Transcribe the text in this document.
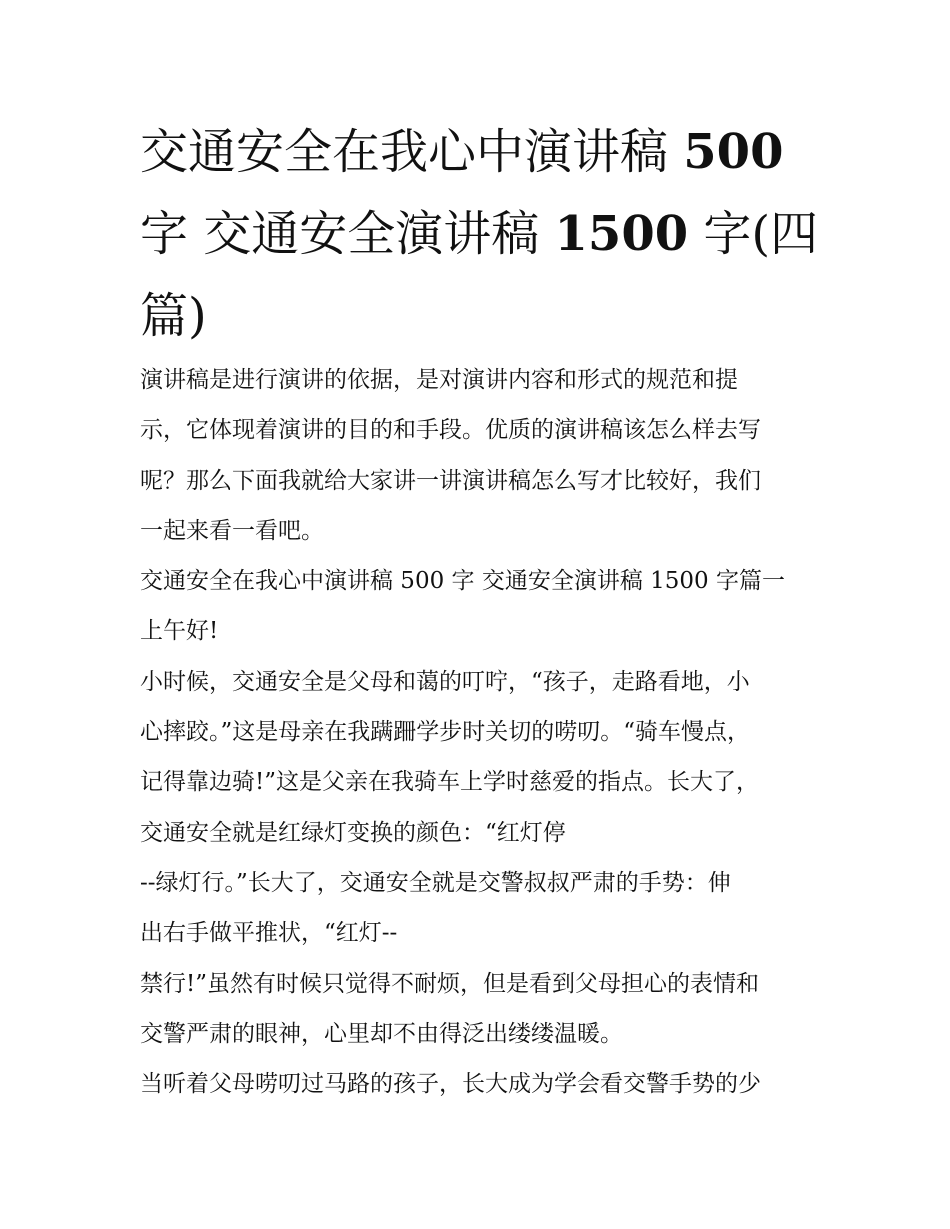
交通安全在我心中演讲稿 500
字 交通安全演讲稿 1500 字(四
篇)
演讲稿是进行演讲的依据，是对演讲内容和形式的规范和提
示，它体现着演讲的目的和手段。优质的演讲稿该怎么样去写
呢？那么下面我就给大家讲一讲演讲稿怎么写才比较好，我们
一起来看一看吧。
交通安全在我心中演讲稿 500 字 交通安全演讲稿 1500 字篇一
上午好!
小时候，交通安全是父母和蔼的叮咛，“孩子，走路看地，小
心摔跤。”这是母亲在我蹒跚学步时关切的唠叨。“骑车慢点，
记得靠边骑!”这是父亲在我骑车上学时慈爱的指点。长大了，
交通安全就是红绿灯变换的颜色：“红灯停
--绿灯行。”长大了，交通安全就是交警叔叔严肃的手势：伸
出右手做平推状，“红灯--
禁行!”虽然有时候只觉得不耐烦，但是看到父母担心的表情和
交警严肃的眼神，心里却不由得泛出缕缕温暖。
当听着父母唠叨过马路的孩子，长大成为学会看交警手势的少
